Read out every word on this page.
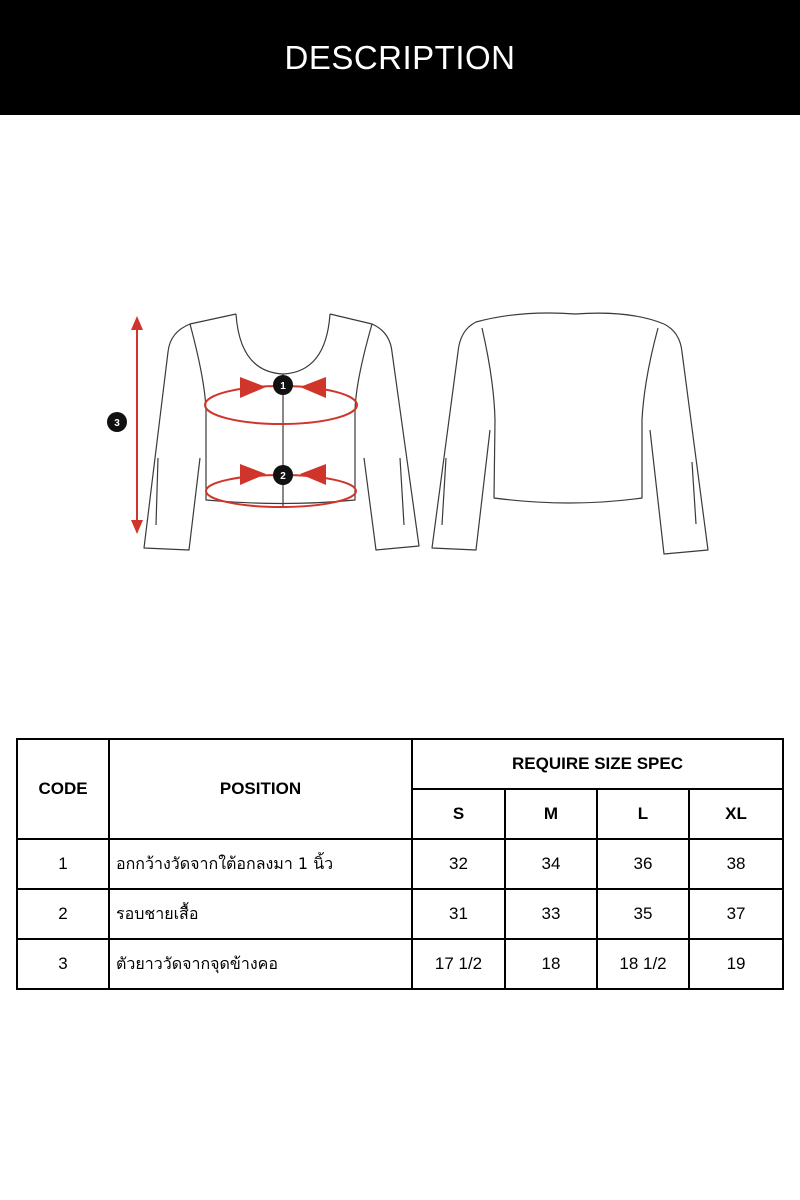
DESCRIPTION
1
2
3
CODE	POSITION	REQUIRE SIZE SPEC			
		S	M	L	XL
1	อกกว้างวัดจากใต้อกลงมา 1 นิ้ว	32	34	36	38
2	รอบชายเสื้อ	31	33	35	37
3	ตัวยาววัดจากจุดข้างคอ	17 1/2	18	18 1/2	19
